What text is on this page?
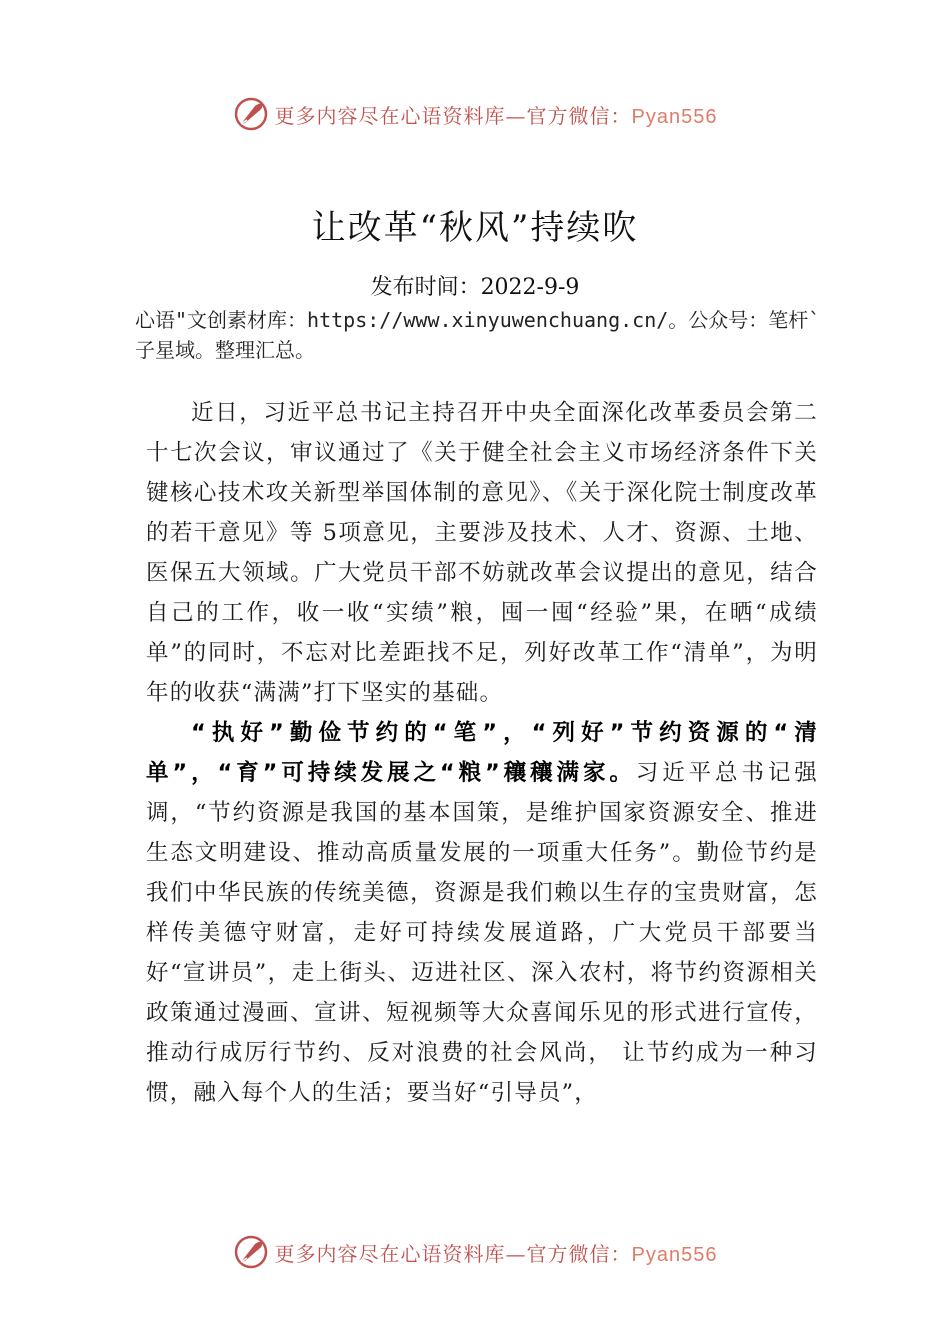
更多内容尽在心语资料库—官方微信：Pyan556
让改革“秋风”持续吹
发布时间：2022-9-9
心语"文创素材库：https://www.xinyuwenchuang.cn/。公众号：笔杆`子星域。整理汇总。

近日，习近平总书记主持召开中央全面深化改革委员会第二十七次会议，审议通过了《关于健全社会主义市场经济条件下关键核心技术攻关新型举国体制的意见》、《关于深化院士制度改革的若干意见》等 5项意见，主要涉及技术、人才、资源、土地、医保五大领域。广大党员干部不妨就改革会议提出的意见，结合自己的工作，收一收“实绩”粮，囤一囤“经验”果，在晒“成绩单”的同时，不忘对比差距找不足，列好改革工作“清单”，为明年的收获“满满”打下坚实的基础。

“执好”勤俭节约的“笔”，“列好”节约资源的“清单”，“育”可持续发展之“粮”穰穰满家。习近平总书记强调，“节约资源是我国的基本国策，是维护国家资源安全、推进生态文明建设、推动高质量发展的一项重大任务”。勤俭节约是我们中华民族的传统美德，资源是我们赖以生存的宝贵财富，怎样传美德守财富，走好可持续发展道路，广大党员干部要当好“宣讲员”，走上街头、迈进社区、深入农村，将节约资源相关政策通过漫画、宣讲、短视频等大众喜闻乐见的形式进行宣传，推动行成厉行节约、反对浪费的社会风尚， 让节约成为一种习惯，融入每个人的生活；要当好“引导员”，

更多内容尽在心语资料库—官方微信：Pyan556
